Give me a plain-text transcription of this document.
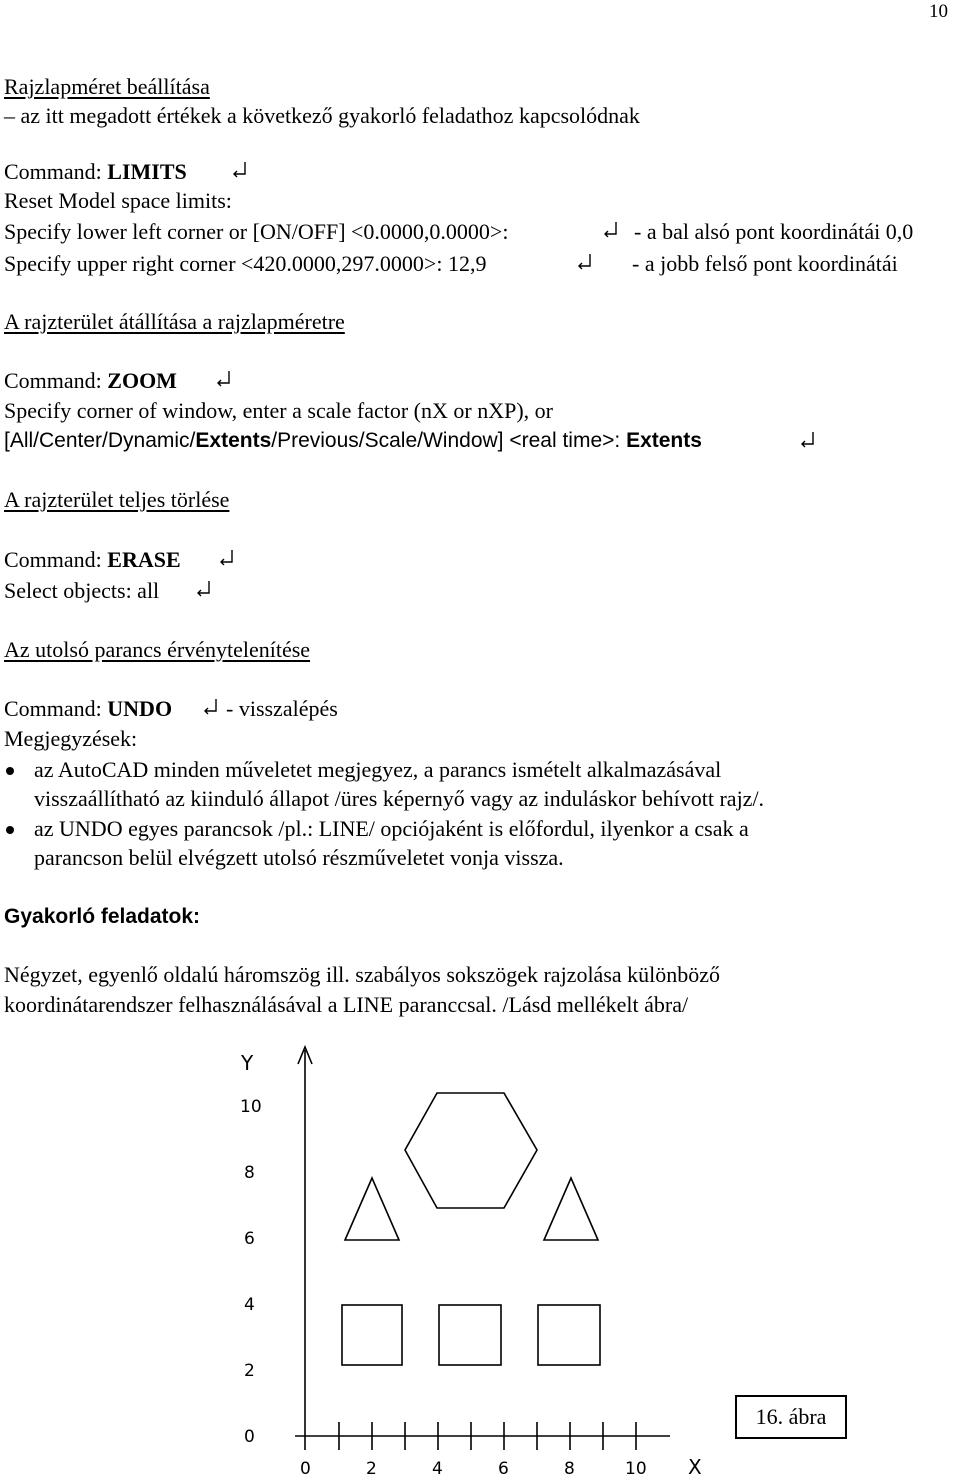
10
Rajzlapméret beállítása
– az itt megadott értékek a következő gyakorló feladathoz kapcsolódnak
Command: LIMITS
Reset Model space limits:
Specify lower left corner or [ON/OFF] <0.0000,0.0000>:	- a bal alsó pont koordinátái 0,0
Specify upper right corner <420.0000,297.0000>: 12,9	- a jobb felső pont koordinátái
A rajzterület átállítása a rajzlapméretre
Command: ZOOM
Specify corner of window, enter a scale factor (nX or nXP), or
[All/Center/Dynamic/Extents/Previous/Scale/Window] <real time>: Extents
A rajzterület teljes törlése
Command: ERASE
Select objects: all
Az utolsó parancs érvénytelenítése
Command: UNDO - visszalépés
Megjegyzések:
az AutoCAD minden műveletet megjegyez, a parancs ismételt alkalmazásával
visszaállítható az kiinduló állapot /üres képernyő vagy az induláskor behívott rajz/.
az UNDO egyes parancsok /pl.: LINE/ opciójaként is előfordul, ilyenkor a csak a
parancson belül elvégzett utolsó részműveletet vonja vissza.
Gyakorló feladatok:
Négyzet, egyenlő oldalú háromszög ill. szabályos sokszögek rajzolása különböző
koordinátarendszer felhasználásával a LINE paranccsal. /Lásd mellékelt ábra/
Y
10
8
6
4
2
0
0	2	4	6	8	10 X
16. ábra
